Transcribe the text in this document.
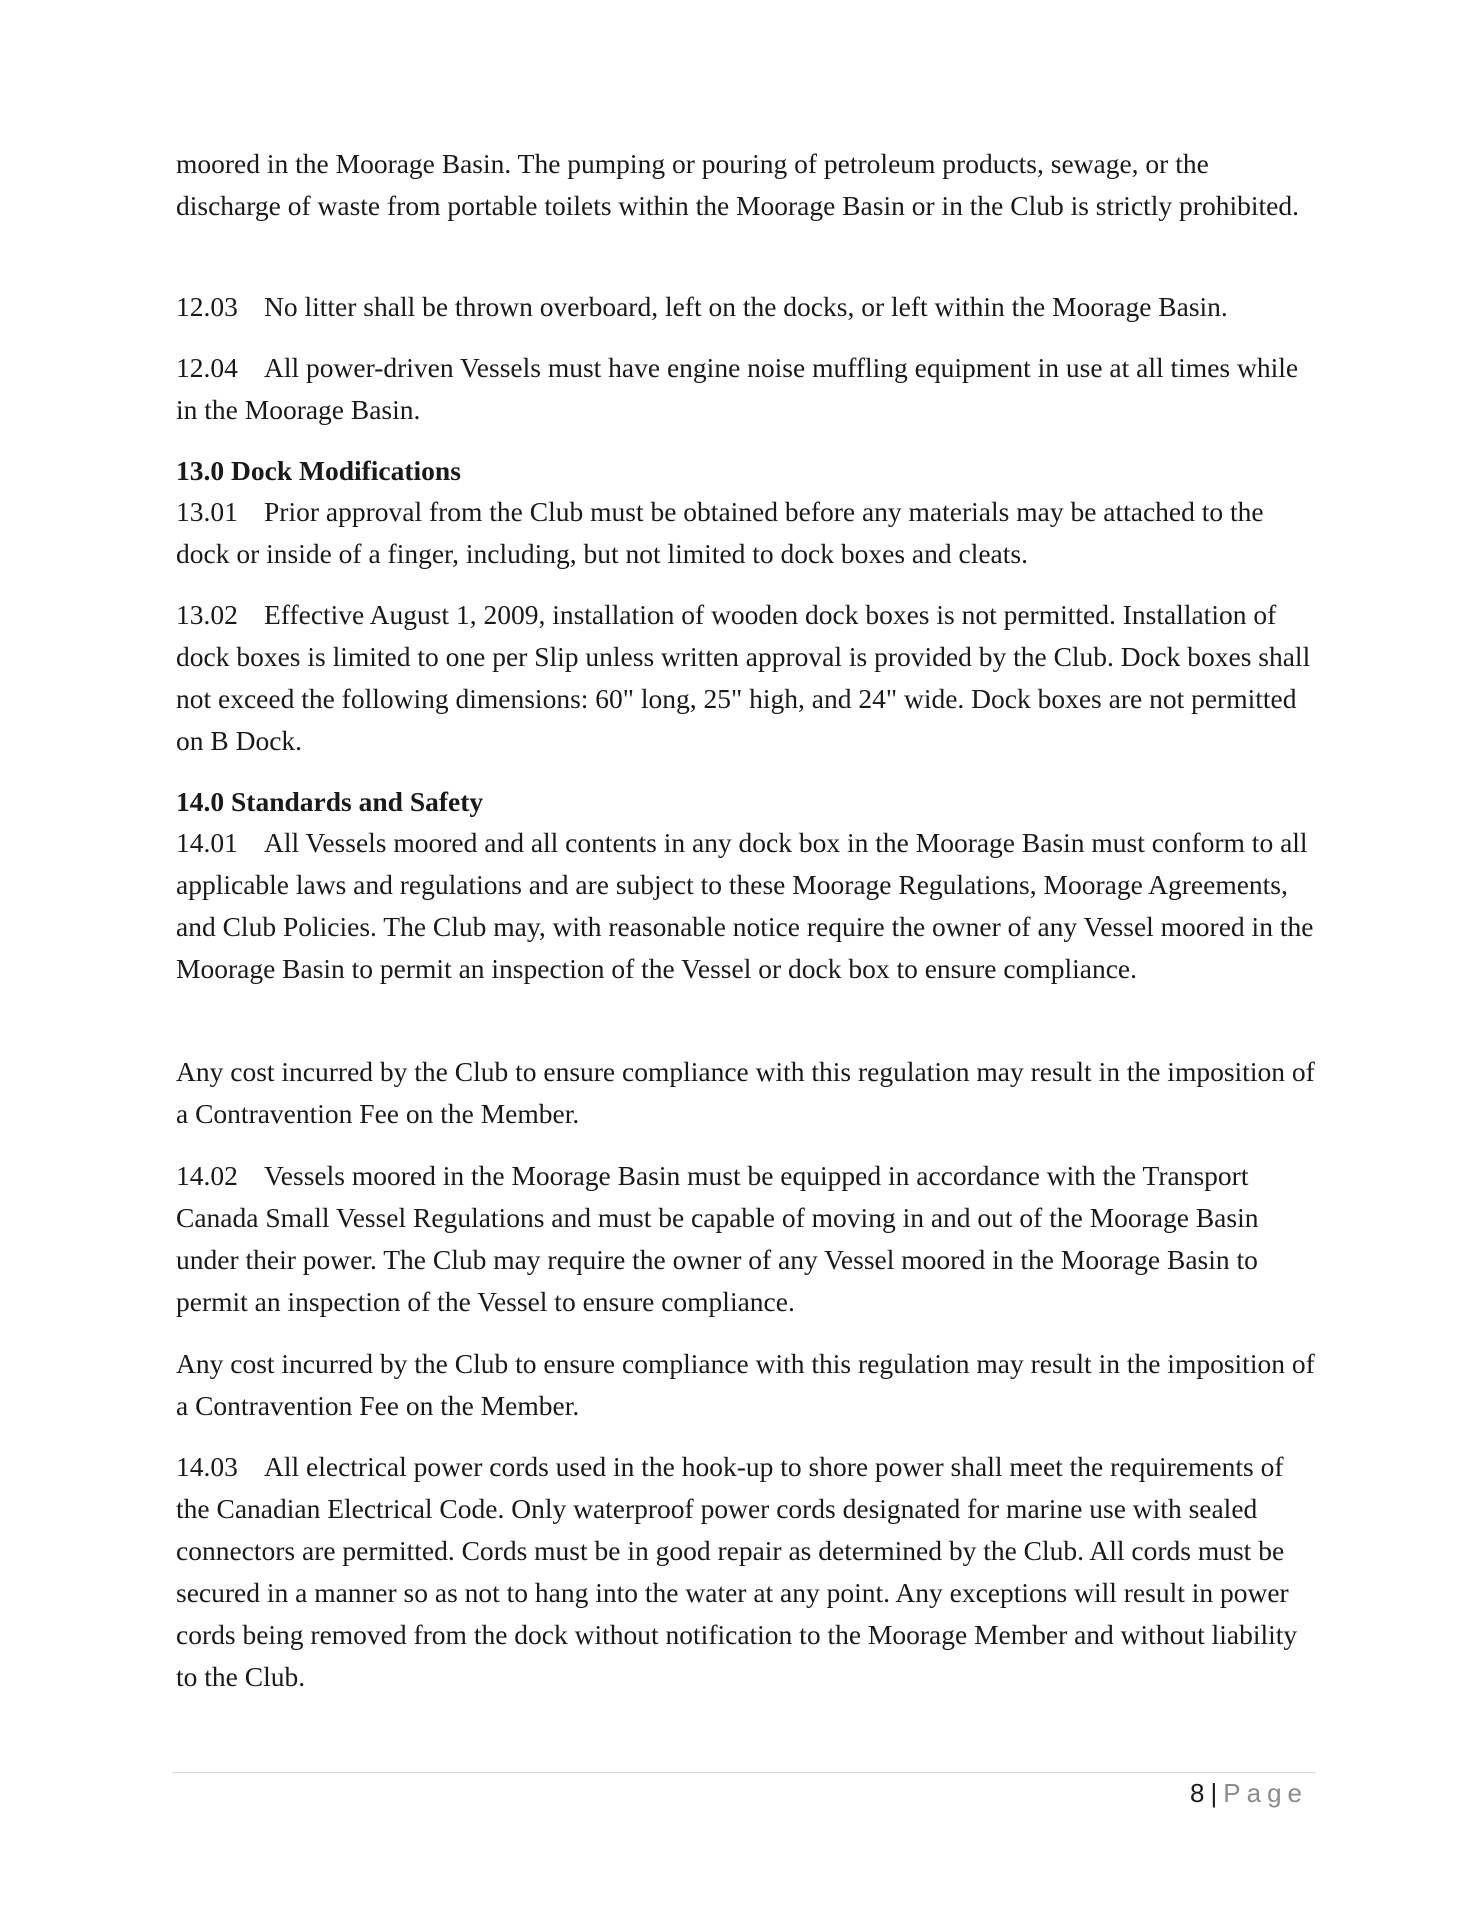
moored in the Moorage Basin. The pumping or pouring of petroleum products, sewage, or the discharge of waste from portable toilets within the Moorage Basin or in the Club is strictly prohibited.

12.03 No litter shall be thrown overboard, left on the docks, or left within the Moorage Basin.

12.04 All power-driven Vessels must have engine noise muffling equipment in use at all times while in the Moorage Basin.

13.0 Dock Modifications

13.01 Prior approval from the Club must be obtained before any materials may be attached to the dock or inside of a finger, including, but not limited to dock boxes and cleats.

13.02 Effective August 1, 2009, installation of wooden dock boxes is not permitted. Installation of dock boxes is limited to one per Slip unless written approval is provided by the Club. Dock boxes shall not exceed the following dimensions: 60" long, 25" high, and 24" wide. Dock boxes are not permitted on B Dock.

14.0 Standards and Safety

14.01 All Vessels moored and all contents in any dock box in the Moorage Basin must conform to all applicable laws and regulations and are subject to these Moorage Regulations, Moorage Agreements, and Club Policies. The Club may, with reasonable notice require the owner of any Vessel moored in the Moorage Basin to permit an inspection of the Vessel or dock box to ensure compliance.

Any cost incurred by the Club to ensure compliance with this regulation may result in the imposition of a Contravention Fee on the Member.

14.02 Vessels moored in the Moorage Basin must be equipped in accordance with the Transport Canada Small Vessel Regulations and must be capable of moving in and out of the Moorage Basin under their power. The Club may require the owner of any Vessel moored in the Moorage Basin to permit an inspection of the Vessel to ensure compliance.

Any cost incurred by the Club to ensure compliance with this regulation may result in the imposition of a Contravention Fee on the Member.

14.03 All electrical power cords used in the hook-up to shore power shall meet the requirements of the Canadian Electrical Code. Only waterproof power cords designated for marine use with sealed connectors are permitted. Cords must be in good repair as determined by the Club. All cords must be secured in a manner so as not to hang into the water at any point. Any exceptions will result in power cords being removed from the dock without notification to the Moorage Member and without liability to the Club.

8 | Page
